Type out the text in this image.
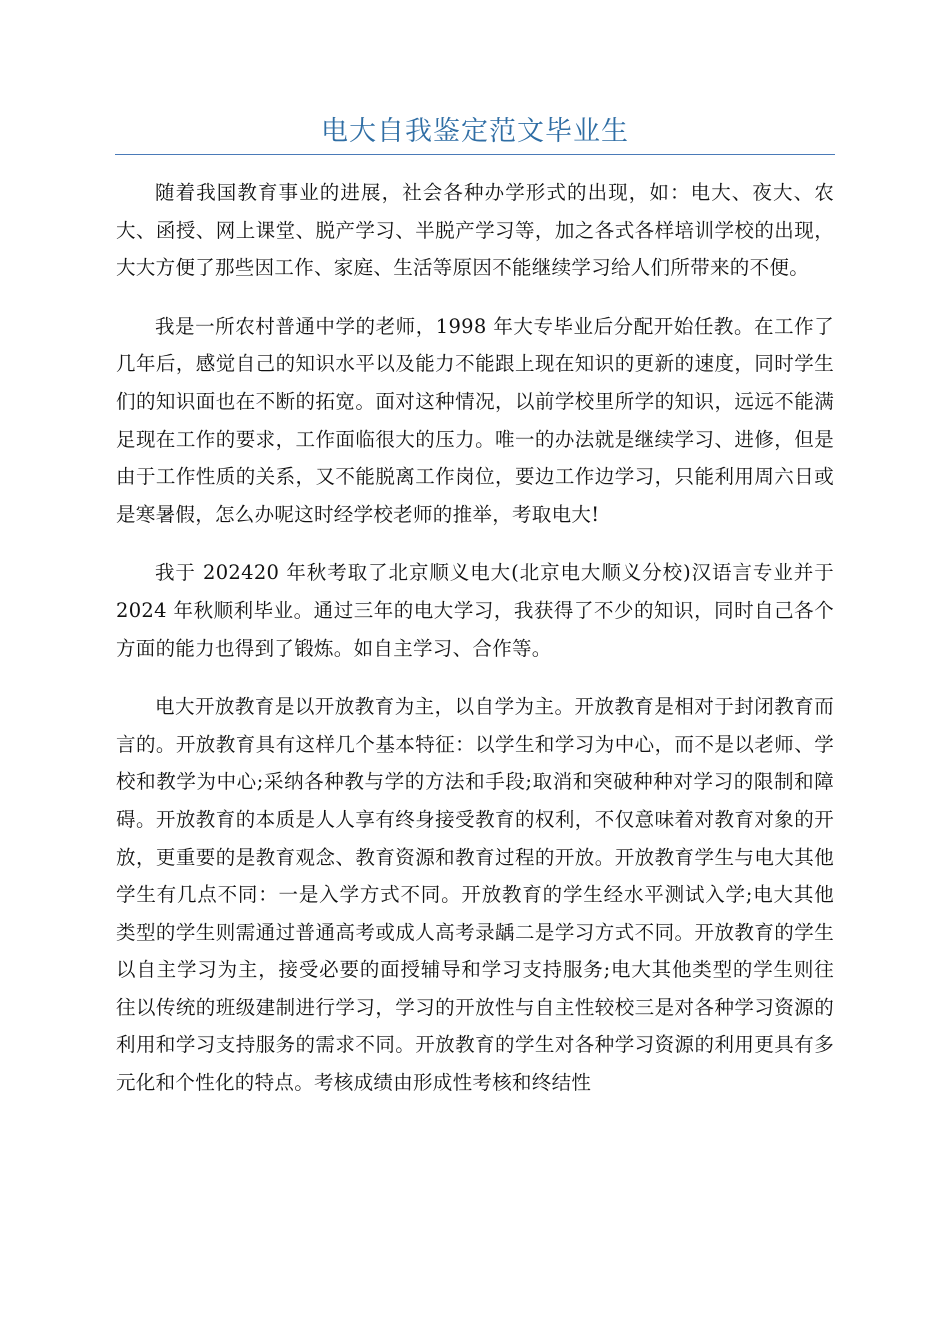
电大自我鉴定范文毕业生

随着我国教育事业的进展，社会各种办学形式的出现，如：电大、夜大、农大、函授、网上课堂、脱产学习、半脱产学习等，加之各式各样培训学校的出现，大大方便了那些因工作、家庭、生活等原因不能继续学习给人们所带来的不便。

我是一所农村普通中学的老师，1998 年大专毕业后分配开始任教。在工作了几年后，感觉自己的知识水平以及能力不能跟上现在知识的更新的速度，同时学生们的知识面也在不断的拓宽。面对这种情况，以前学校里所学的知识，远远不能满足现在工作的要求，工作面临很大的压力。唯一的办法就是继续学习、进修，但是由于工作性质的关系，又不能脱离工作岗位，要边工作边学习，只能利用周六日或是寒暑假，怎么办呢这时经学校老师的推举，考取电大!

我于 202420 年秋考取了北京顺义电大(北京电大顺义分校)汉语言专业并于 2024 年秋顺利毕业。通过三年的电大学习，我获得了不少的知识，同时自己各个方面的能力也得到了锻炼。如自主学习、合作等。

电大开放教育是以开放教育为主，以自学为主。开放教育是相对于封闭教育而言的。开放教育具有这样几个基本特征：以学生和学习为中心，而不是以老师、学校和教学为中心;采纳各种教与学的方法和手段;取消和突破种种对学习的限制和障碍。开放教育的本质是人人享有终身接受教育的权利，不仅意味着对教育对象的开放，更重要的是教育观念、教育资源和教育过程的开放。开放教育学生与电大其他学生有几点不同：一是入学方式不同。开放教育的学生经水平测试入学;电大其他类型的学生则需通过普通高考或成人高考录龋二是学习方式不同。开放教育的学生以自主学习为主，接受必要的面授辅导和学习支持服务;电大其他类型的学生则往往以传统的班级建制进行学习，学习的开放性与自主性较校三是对各种学习资源的利用和学习支持服务的需求不同。开放教育的学生对各种学习资源的利用更具有多元化和个性化的特点。考核成绩由形成性考核和终结性
